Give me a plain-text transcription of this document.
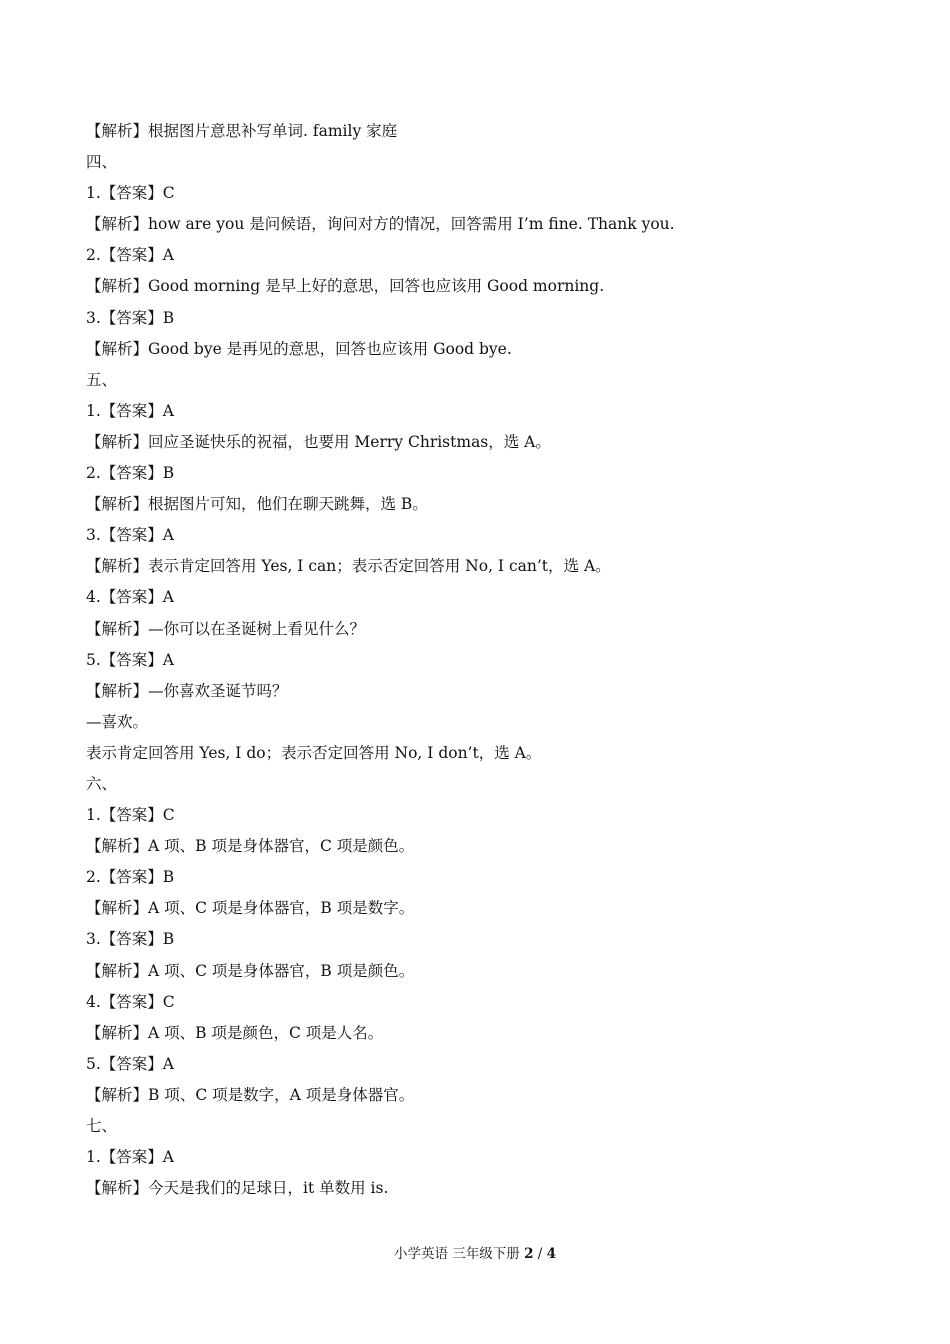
【解析】根据图片意思补写单词. family 家庭
四、
1.【答案】C
【解析】how are you 是问候语，询问对方的情况，回答需用 I’m fine. Thank you.
2.【答案】A
【解析】Good morning 是早上好的意思，回答也应该用 Good morning.
3.【答案】B
【解析】Good bye 是再见的意思，回答也应该用 Good bye.
五、
1.【答案】A
【解析】回应圣诞快乐的祝福，也要用 Merry Christmas，选 A。
2.【答案】B
【解析】根据图片可知，他们在聊天跳舞，选 B。
3.【答案】A
【解析】表示肯定回答用 Yes, I can；表示否定回答用 No, I can’t，选 A。
4.【答案】A
【解析】—你可以在圣诞树上看见什么？
5.【答案】A
【解析】—你喜欢圣诞节吗？
—喜欢。
表示肯定回答用 Yes, I do；表示否定回答用 No, I don’t，选 A。
六、
1.【答案】C
【解析】A 项、B 项是身体器官，C 项是颜色。
2.【答案】B
【解析】A 项、C 项是身体器官，B 项是数字。
3.【答案】B
【解析】A 项、C 项是身体器官，B 项是颜色。
4.【答案】C
【解析】A 项、B 项是颜色，C 项是人名。
5.【答案】A
【解析】B 项、C 项是数字，A 项是身体器官。
七、
1.【答案】A
【解析】今天是我们的足球日，it 单数用 is.
小学英语 三年级下册 2 / 4
